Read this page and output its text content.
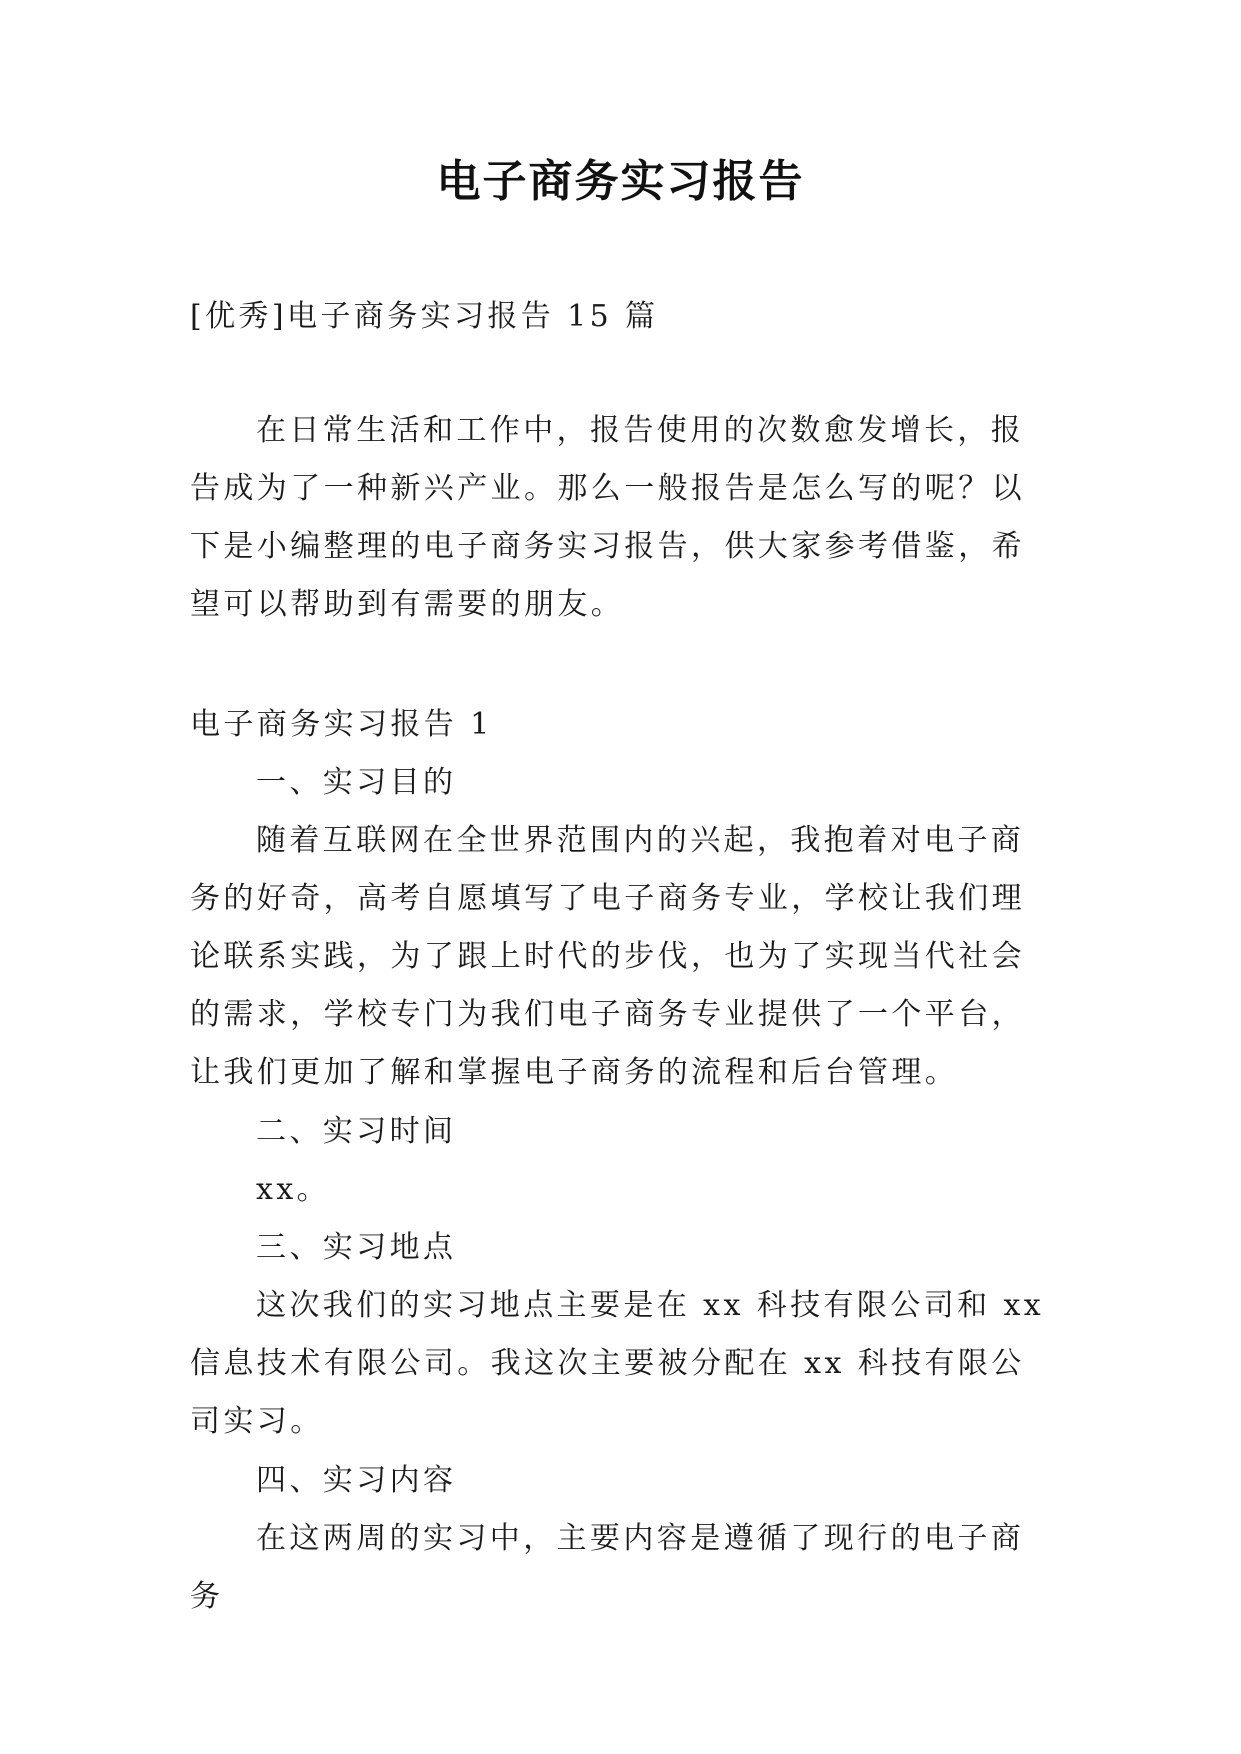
电子商务实习报告

[优秀]电子商务实习报告 15 篇

在日常生活和工作中，报告使用的次数愈发增长，报告成为了一种新兴产业。那么一般报告是怎么写的呢？以下是小编整理的电子商务实习报告，供大家参考借鉴，希望可以帮助到有需要的朋友。

电子商务实习报告 1

一、实习目的

随着互联网在全世界范围内的兴起，我抱着对电子商务的好奇，高考自愿填写了电子商务专业，学校让我们理论联系实践，为了跟上时代的步伐，也为了实现当代社会的需求，学校专门为我们电子商务专业提供了一个平台，让我们更加了解和掌握电子商务的流程和后台管理。

二、实习时间

xx。

三、实习地点

这次我们的实习地点主要是在 xx 科技有限公司和 xx 信息技术有限公司。我这次主要被分配在 xx 科技有限公司实习。

四、实习内容

在这两周的实习中，主要内容是遵循了现行的电子商务
